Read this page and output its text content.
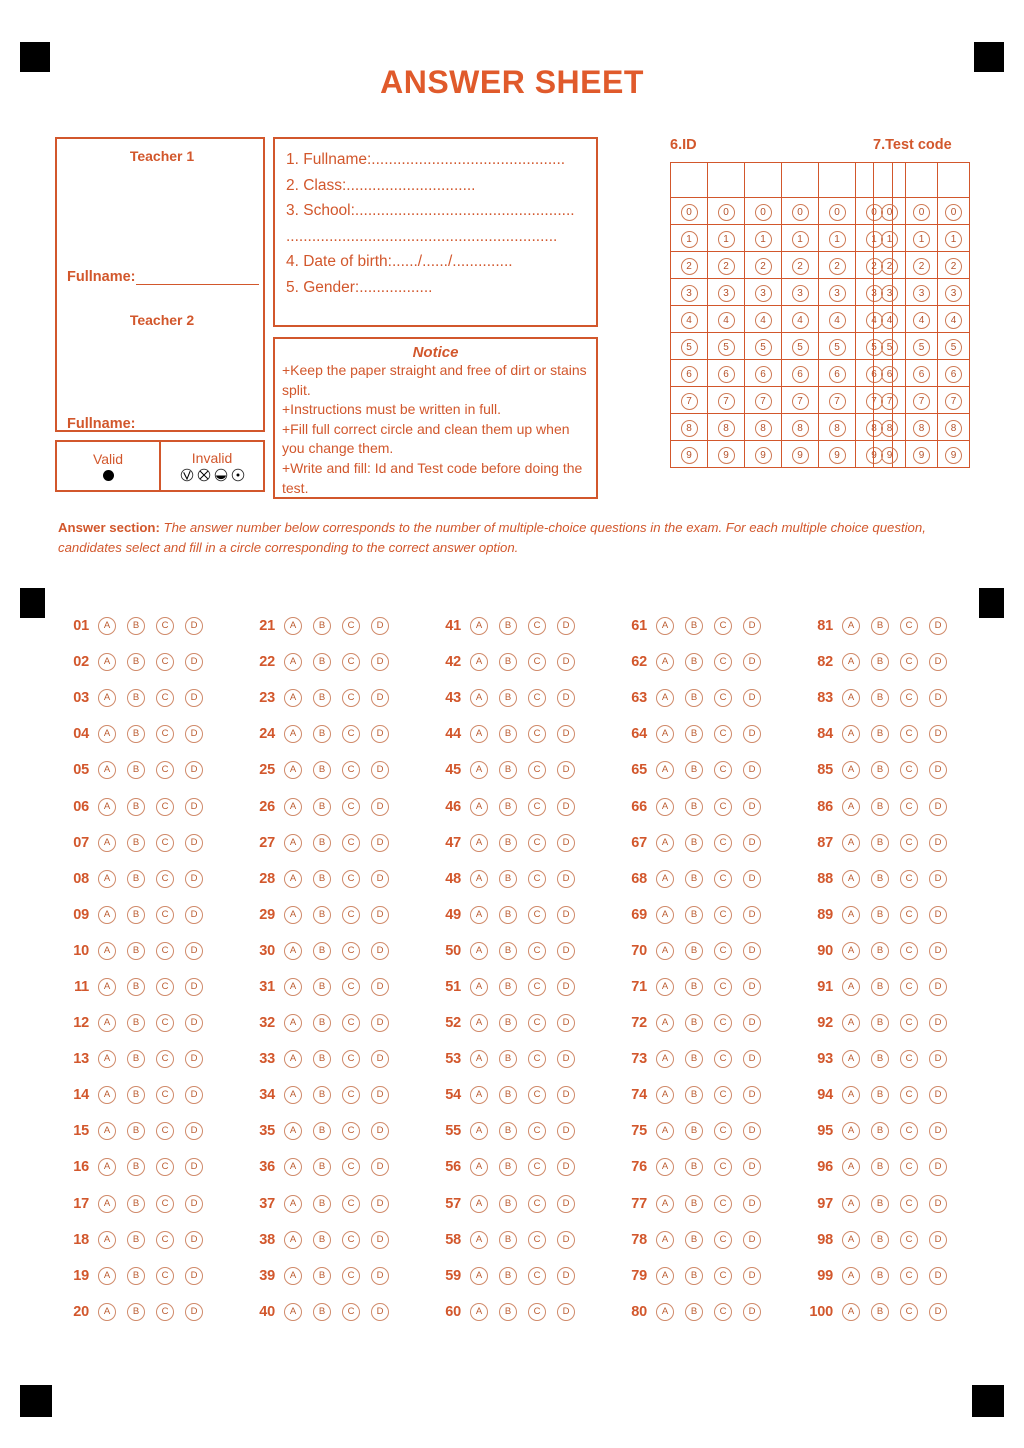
ANSWER SHEET
Teacher 1
Fullname:
Teacher 2
Fullname:
Valid	Invalid
1. Fullname:.............................................
2. Class:..............................
3. School:...................................................
...............................................................
4. Date of birth:....../....../..............
5. Gender:.................
Notice
+Keep the paper straight and free of dirt or stains split.
+Instructions must be written in full.
+Fill full correct circle and clean them up when you change them.
+Write and fill: Id and Test code before doing the test.
6.ID

0	0	0	0	0	0
1	1	1	1	1	1
2	2	2	2	2	2
3	3	3	3	3	3
4	4	4	4	4	4
5	5	5	5	5	5
6	6	6	6	6	6
7	7	7	7	7	7
8	8	8	8	8	8
9	9	9	9	9	9
7.Test code

0	0	0
1	1	1
2	2	2
3	3	3
4	4	4
5	5	5
6	6	6
7	7	7
8	8	8
9	9	9
Answer section: The answer number below corresponds to the number of multiple-choice questions in the exam. For each multiple choice question, candidates select and fill in a circle corresponding to the correct answer option.
01	A	B	C	D
02	A	B	C	D
03	A	B	C	D
04	A	B	C	D
05	A	B	C	D
06	A	B	C	D
07	A	B	C	D
08	A	B	C	D
09	A	B	C	D
10	A	B	C	D
11	A	B	C	D
12	A	B	C	D
13	A	B	C	D
14	A	B	C	D
15	A	B	C	D
16	A	B	C	D
17	A	B	C	D
18	A	B	C	D
19	A	B	C	D
20	A	B	C	D
21	A	B	C	D
22	A	B	C	D
23	A	B	C	D
24	A	B	C	D
25	A	B	C	D
26	A	B	C	D
27	A	B	C	D
28	A	B	C	D
29	A	B	C	D
30	A	B	C	D
31	A	B	C	D
32	A	B	C	D
33	A	B	C	D
34	A	B	C	D
35	A	B	C	D
36	A	B	C	D
37	A	B	C	D
38	A	B	C	D
39	A	B	C	D
40	A	B	C	D
41	A	B	C	D
42	A	B	C	D
43	A	B	C	D
44	A	B	C	D
45	A	B	C	D
46	A	B	C	D
47	A	B	C	D
48	A	B	C	D
49	A	B	C	D
50	A	B	C	D
51	A	B	C	D
52	A	B	C	D
53	A	B	C	D
54	A	B	C	D
55	A	B	C	D
56	A	B	C	D
57	A	B	C	D
58	A	B	C	D
59	A	B	C	D
60	A	B	C	D
61	A	B	C	D
62	A	B	C	D
63	A	B	C	D
64	A	B	C	D
65	A	B	C	D
66	A	B	C	D
67	A	B	C	D
68	A	B	C	D
69	A	B	C	D
70	A	B	C	D
71	A	B	C	D
72	A	B	C	D
73	A	B	C	D
74	A	B	C	D
75	A	B	C	D
76	A	B	C	D
77	A	B	C	D
78	A	B	C	D
79	A	B	C	D
80	A	B	C	D
81	A	B	C	D
82	A	B	C	D
83	A	B	C	D
84	A	B	C	D
85	A	B	C	D
86	A	B	C	D
87	A	B	C	D
88	A	B	C	D
89	A	B	C	D
90	A	B	C	D
91	A	B	C	D
92	A	B	C	D
93	A	B	C	D
94	A	B	C	D
95	A	B	C	D
96	A	B	C	D
97	A	B	C	D
98	A	B	C	D
99	A	B	C	D
100	A	B	C	D
